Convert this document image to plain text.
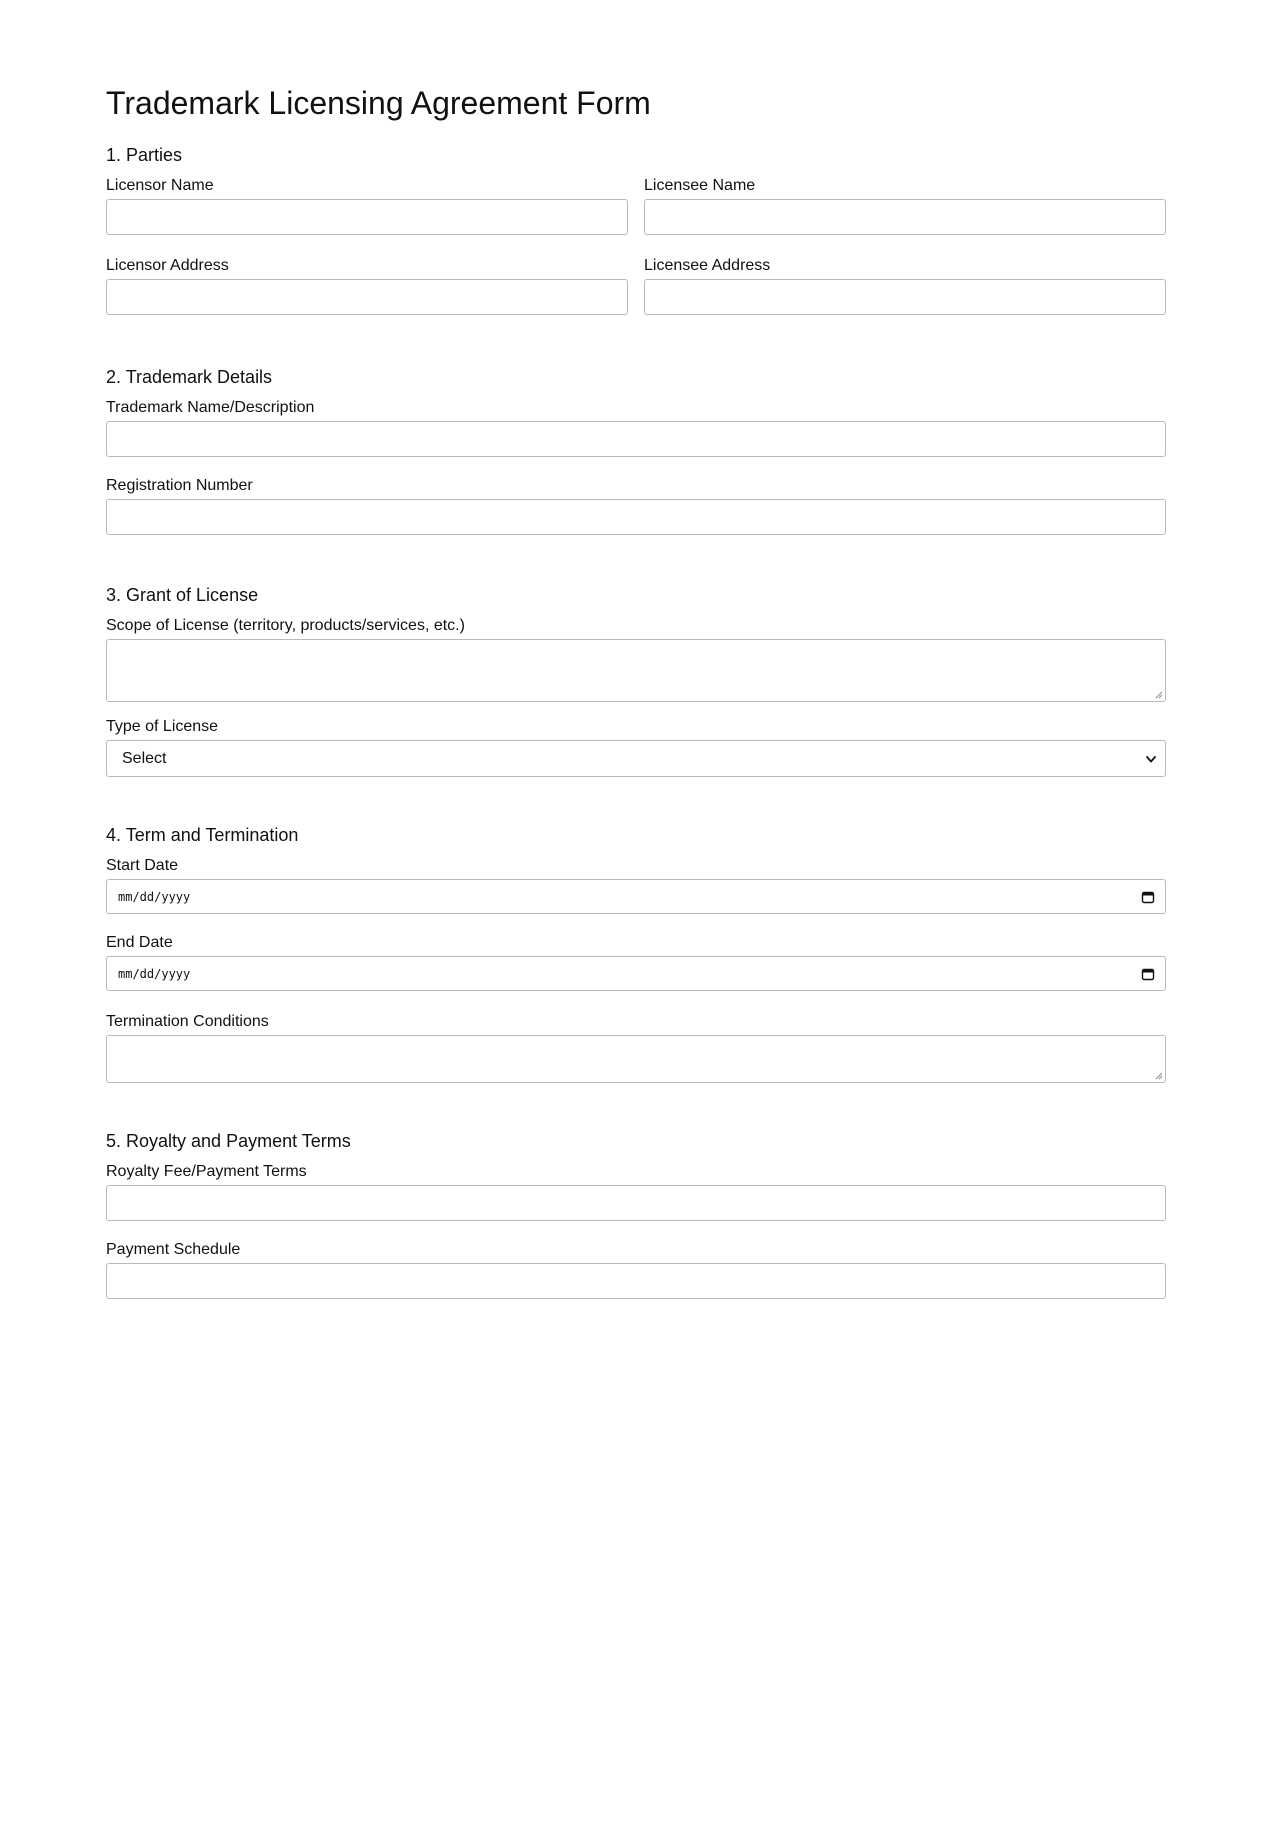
Trademark Licensing Agreement Form
1. Parties
Licensor Name	Licensee Name
Licensor Address	Licensee Address
2. Trademark Details
Trademark Name/Description
Registration Number
3. Grant of License
Scope of License (territory, products/services, etc.)
Type of License
Select
4. Term and Termination
Start Date
mm/dd/yyyy
End Date
mm/dd/yyyy
Termination Conditions
5. Royalty and Payment Terms
Royalty Fee/Payment Terms
Payment Schedule
